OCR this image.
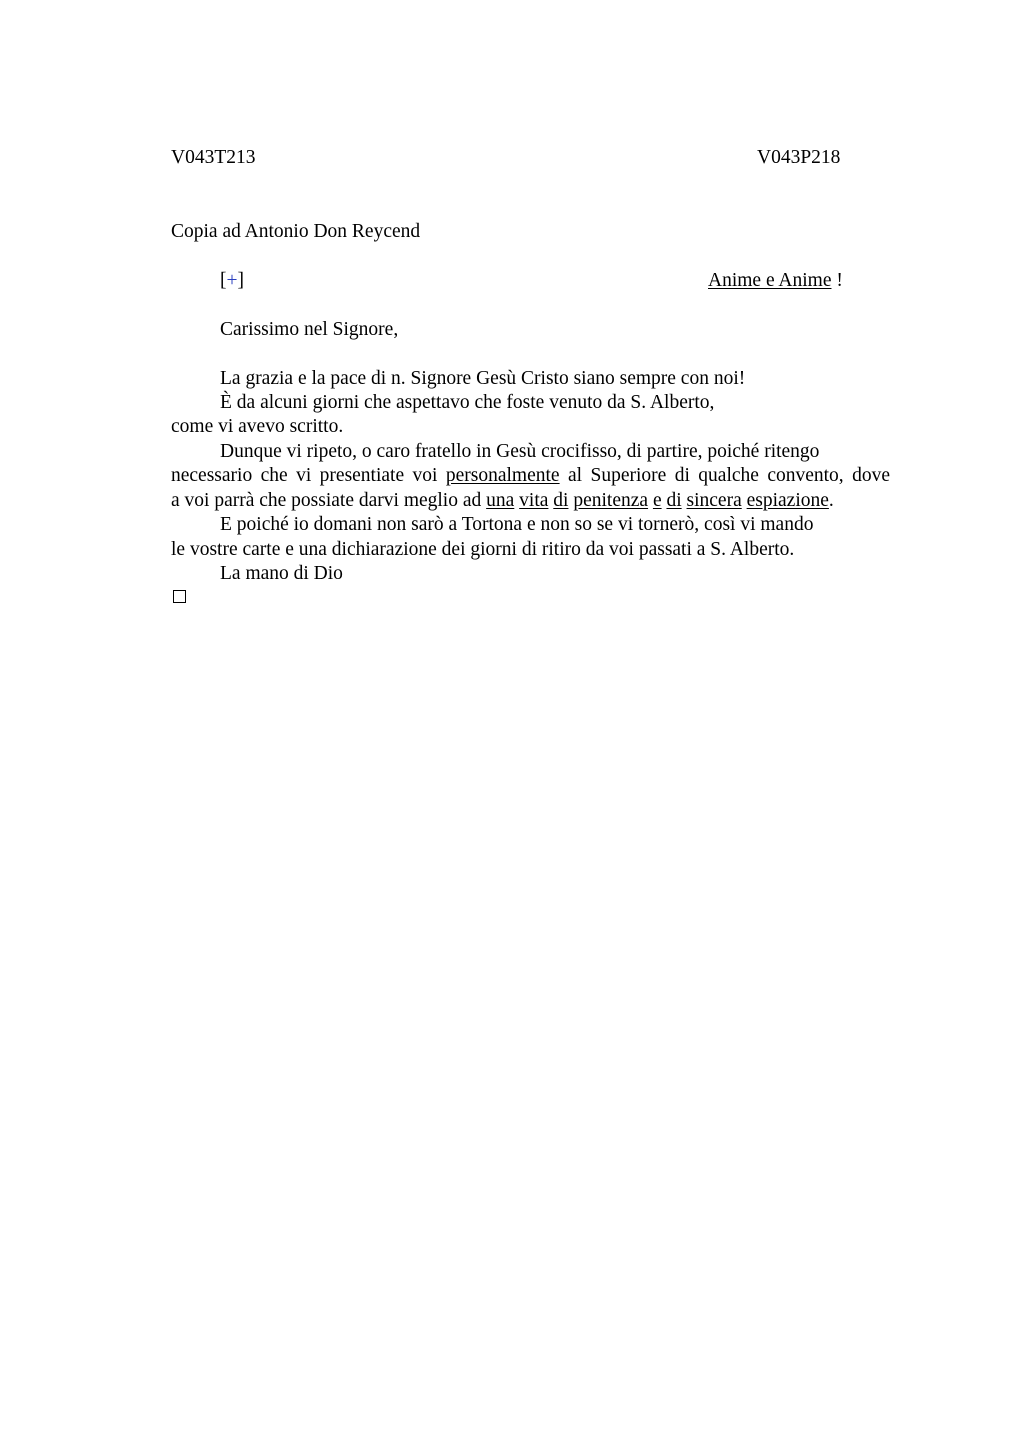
V043T213	V043P218
Copia ad Antonio Don Reycend
[+]	Anime e Anime !
Carissimo nel Signore,
La grazia e la pace di n. Signore Gesù Cristo siano sempre con noi!
È da alcuni giorni che aspettavo che foste venuto da S. Alberto,
come vi avevo scritto.
Dunque vi ripeto, o caro fratello in Gesù crocifisso, di partire, poiché ritengo
necessario che vi presentiate voi personalmente al Superiore di qualche convento, dove
a voi parrà che possiate darvi meglio ad una vita di penitenza e di sincera espiazione.
E poiché io domani non sarò a Tortona e non so se vi tornerò, così vi mando
le vostre carte e una dichiarazione dei giorni di ritiro da voi passati a S. Alberto.
La mano di Dio
